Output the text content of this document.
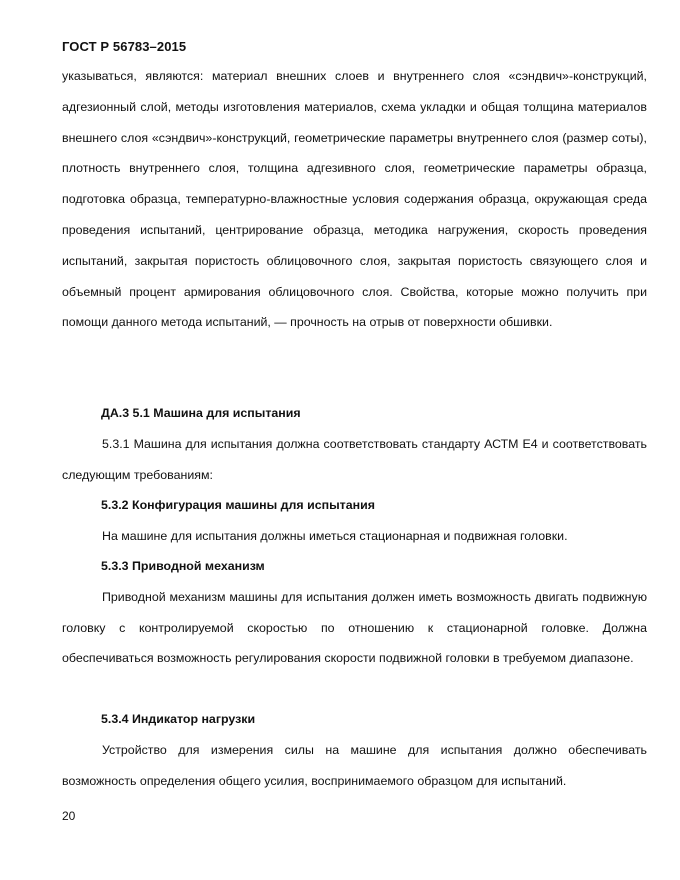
ГОСТ Р 56783–2015
указываться, являются: материал внешних слоев и внутреннего слоя «сэндвич»-конструкций, адгезионный слой, методы изготовления материалов, схема укладки и общая толщина материалов внешнего слоя «сэндвич»-конструкций, геометрические параметры внутреннего слоя (размер соты), плотность внутреннего слоя, толщина адгезивного слоя, геометрические параметры образца, подготовка образца, температурно-влажностные условия содержания образца, окружающая среда проведения испытаний, центрирование образца, методика нагружения, скорость проведения испытаний, закрытая пористость облицовочного слоя, закрытая пористость связующего слоя и объемный процент армирования облицовочного слоя. Свойства, которые можно получить при помощи данного метода испытаний, — прочность на отрыв от поверхности обшивки.
ДА.3 5.1 Машина для испытания
5.3.1 Машина для испытания должна соответствовать стандарту АСТМ Е4 и соответствовать следующим требованиям:
5.3.2 Конфигурация машины для испытания
На машине для испытания должны иметься стационарная и подвижная головки.
5.3.3 Приводной механизм
Приводной механизм машины для испытания должен иметь возможность двигать подвижную головку с контролируемой скоростью по отношению к стационарной головке. Должна обеспечиваться возможность регулирования скорости подвижной головки в требуемом диапазоне.
5.3.4 Индикатор нагрузки
Устройство для измерения силы на машине для испытания должно обеспечивать возможность определения общего усилия, воспринимаемого образцом для испытаний.
20
